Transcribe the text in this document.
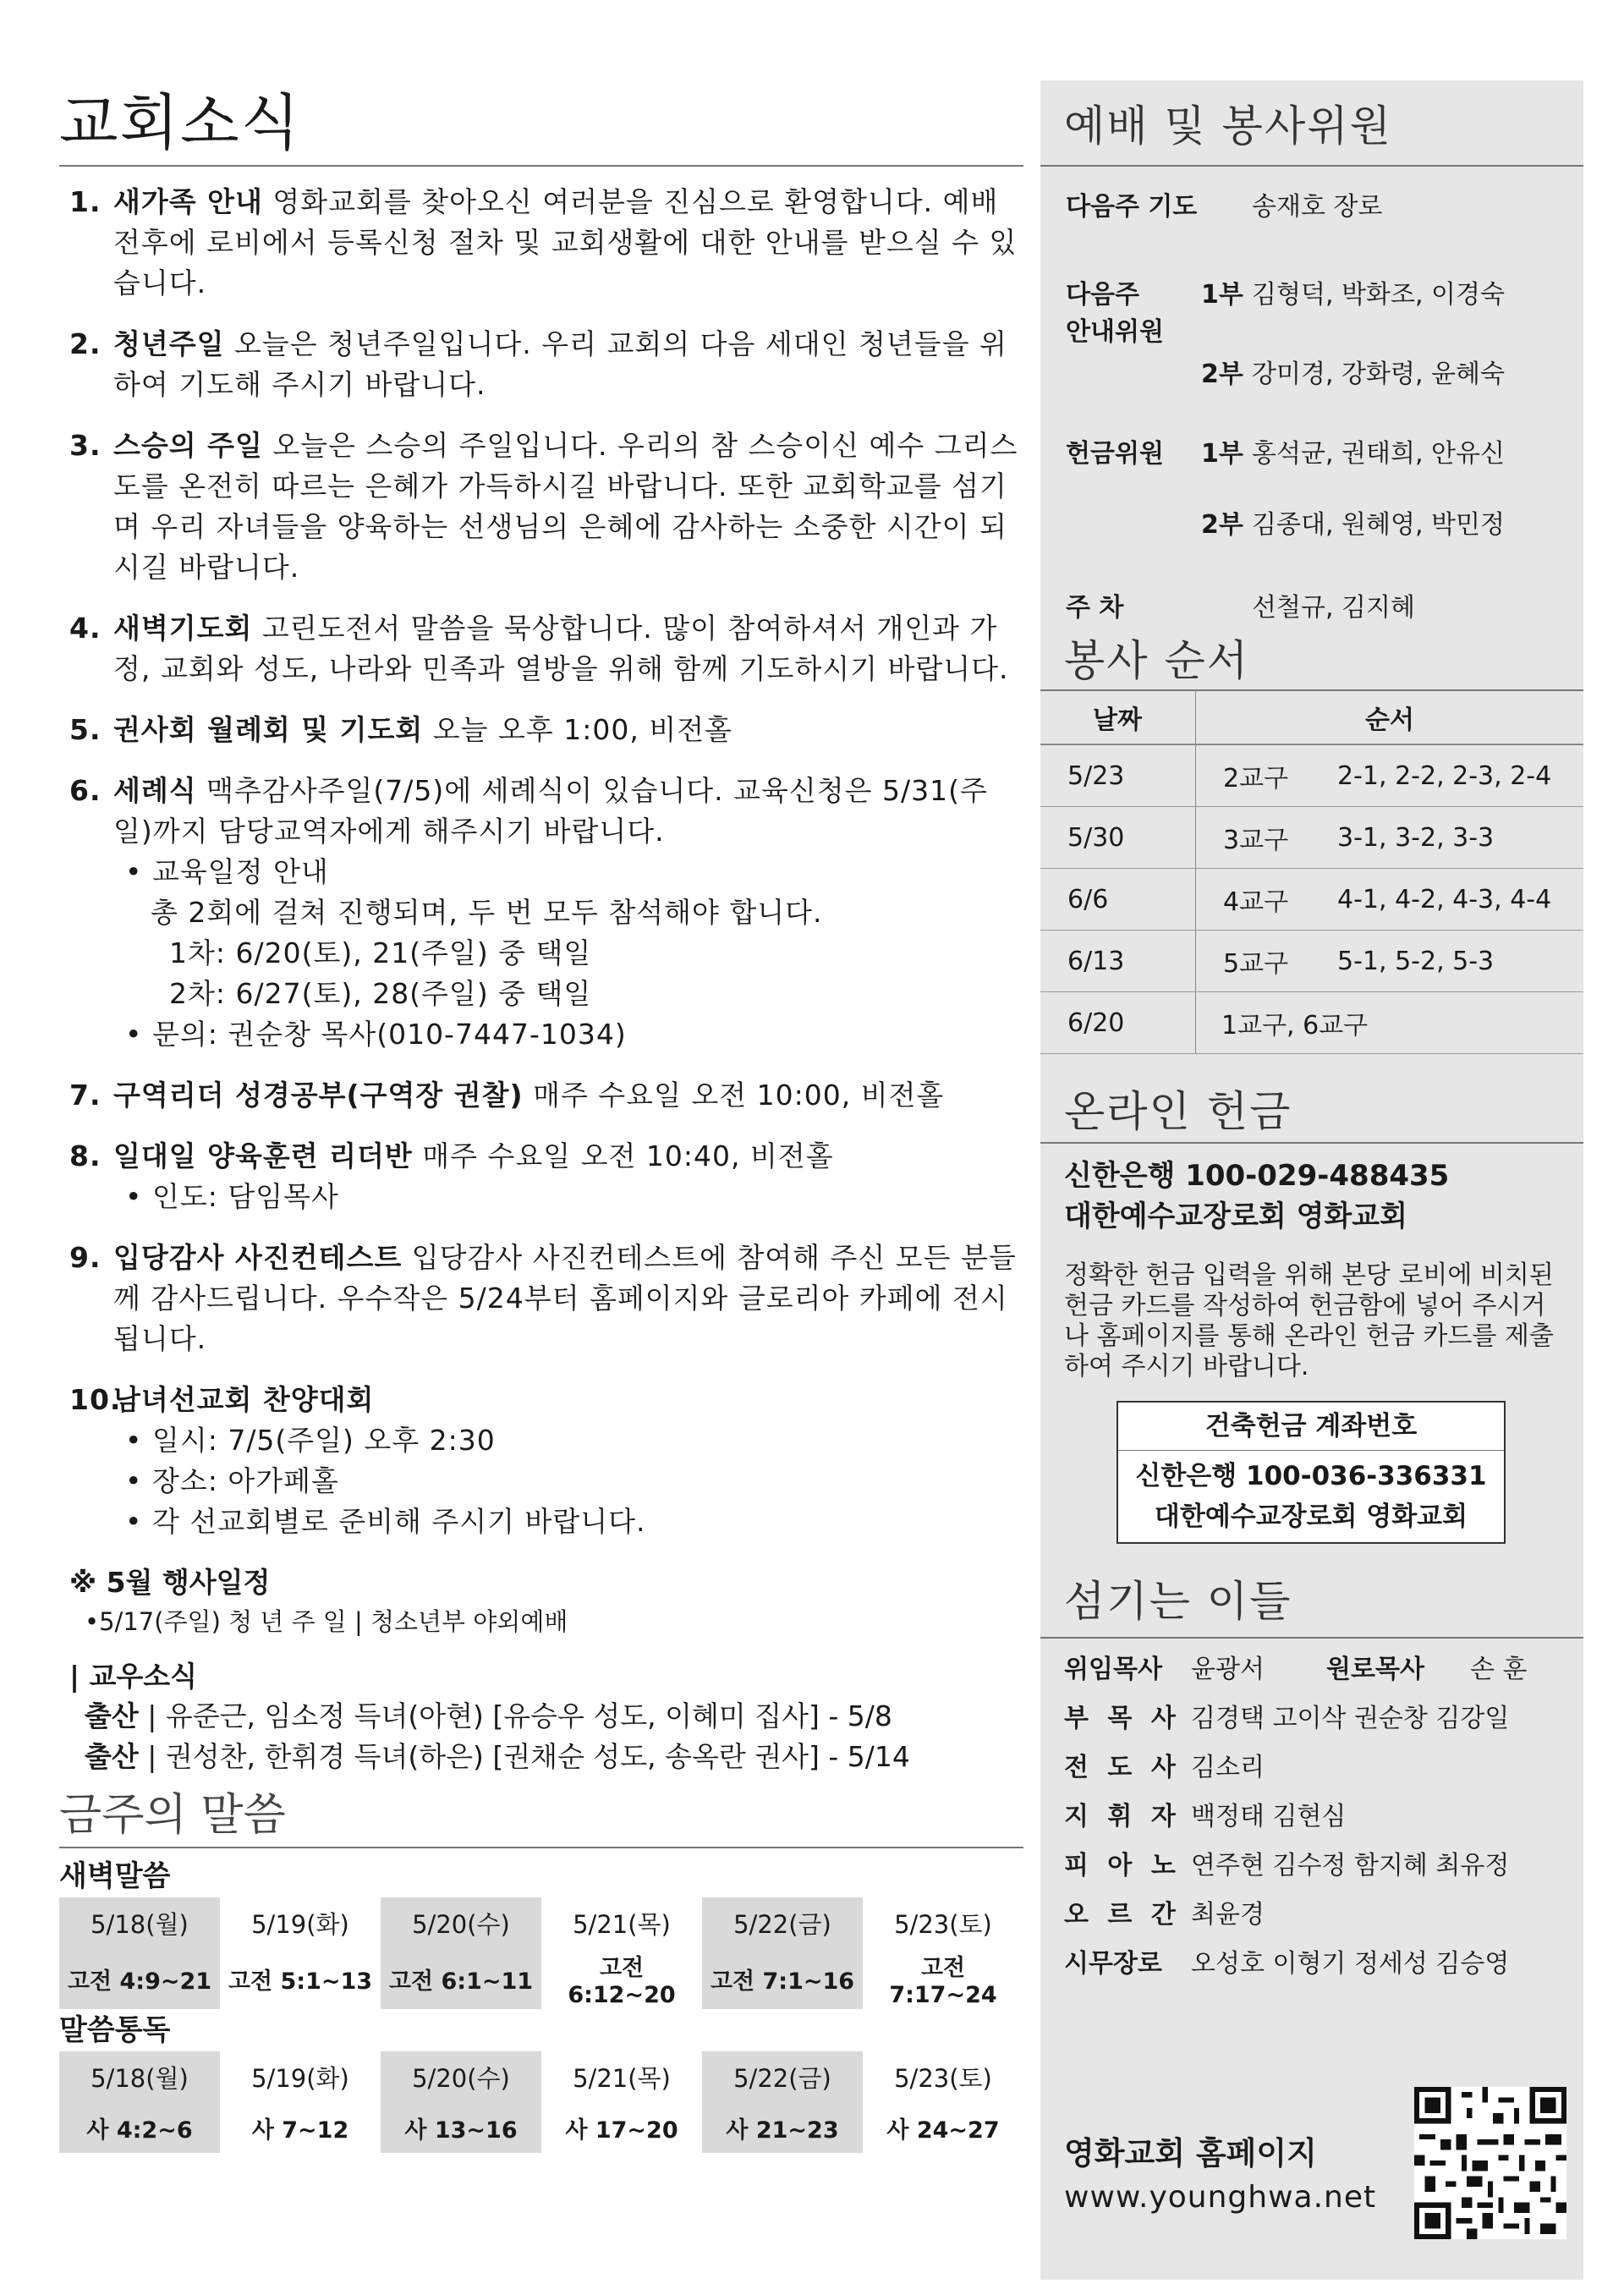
교회소식
1. 새가족 안내 영화교회를 찾아오신 여러분을 진심으로 환영합니다. 예배 전후에 로비에서 등록신청 절차 및 교회생활에 대한 안내를 받으실 수 있습니다.
2. 청년주일 오늘은 청년주일입니다. 우리 교회의 다음 세대인 청년들을 위하여 기도해 주시기 바랍니다.
3. 스승의 주일 오늘은 스승의 주일입니다. 우리의 참 스승이신 예수 그리스도를 온전히 따르는 은혜가 가득하시길 바랍니다. 또한 교회학교를 섬기며 우리 자녀들을 양육하는 선생님의 은혜에 감사하는 소중한 시간이 되시길 바랍니다.
4. 새벽기도회 고린도전서 말씀을 묵상합니다. 많이 참여하셔서 개인과 가정, 교회와 성도, 나라와 민족과 열방을 위해 함께 기도하시기 바랍니다.
5. 권사회 월례회 및 기도회 오늘 오후 1:00, 비전홀
6. 세례식 맥추감사주일(7/5)에 세례식이 있습니다. 교육신청은 5/31(주일)까지 담당교역자에게 해주시기 바랍니다.
• 교육일정 안내
총 2회에 걸쳐 진행되며, 두 번 모두 참석해야 합니다.
1차: 6/20(토), 21(주일) 중 택일
2차: 6/27(토), 28(주일) 중 택일
• 문의: 권순창 목사(010-7447-1034)
7. 구역리더 성경공부(구역장 권찰) 매주 수요일 오전 10:00, 비전홀
8. 일대일 양육훈련 리더반 매주 수요일 오전 10:40, 비전홀
• 인도: 담임목사
9. 입당감사 사진컨테스트 입당감사 사진컨테스트에 참여해 주신 모든 분들께 감사드립니다. 우수작은 5/24부터 홈페이지와 글로리아 카페에 전시됩니다.
10.
남녀선교회 찬양대회
• 일시: 7/5(주일) 오후 2:30
• 장소: 아가페홀
• 각 선교회별로 준비해 주시기 바랍니다.
※ 5월 행사일정
•5/17(주일) 청 년 주 일 | 청소년부 야외예배
| 교우소식
출산 | 유준근, 임소정 득녀(아현) [유승우 성도, 이혜미 집사] - 5/8
출산 | 권성찬, 한휘경 득녀(하은) [권채순 성도, 송옥란 권사] - 5/14
금주의 말씀
새벽말씀
5/18(월)	5/19(화)	5/20(수)	5/21(목)	5/22(금)	5/23(토)
고전 4:9~21	고전 5:1~13	고전 6:1~11	고전 6:12~20	고전 7:1~16	고전 7:17~24
말씀통독
5/18(월)	5/19(화)	5/20(수)	5/21(목)	5/22(금)	5/23(토)
사 4:2~6	사 7~12	사 13~16	사 17~20	사 21~23	사 24~27
예배 및 봉사위원
다음주 기도	송재호 장로
다음주
안내위원
1부 김형덕, 박화조, 이경숙
2부 강미경, 강화령, 윤혜숙
헌금위원	1부 홍석균, 권태희, 안유신
2부 김종대, 원혜영, 박민정
주 차	선철규, 김지혜
봉사 순서
날짜	순서	
5/23	2교구	2-1, 2-2, 2-3, 2-4
5/30	3교구	3-1, 3-2, 3-3
6/6	4교구	4-1, 4-2, 4-3, 4-4
6/13	5교구	5-1, 5-2, 5-3
6/20	1교구, 6교구	
온라인 헌금
신한은행 100-029-488435
대한예수교장로회 영화교회
정확한 헌금 입력을 위해 본당 로비에 비치된 헌금 카드를 작성하여 헌금함에 넣어 주시거나 홈페이지를 통해 온라인 헌금 카드를 제출하여 주시기 바랍니다.
건축헌금 계좌번호
신한은행 100-036-336331
대한예수교장로회 영화교회
섬기는 이들
위임목사	윤광서	원로목사	손 훈
부 목 사 김경택 고이삭 권순창 김강일
전 도 사 김소리
지 휘 자 백정태 김현심
피 아 노 연주현 김수정 함지혜 최유정
오 르 간 최윤경
시무장로	오성호 이형기 정세성 김승영
영화교회 홈페이지
www.younghwa.net
